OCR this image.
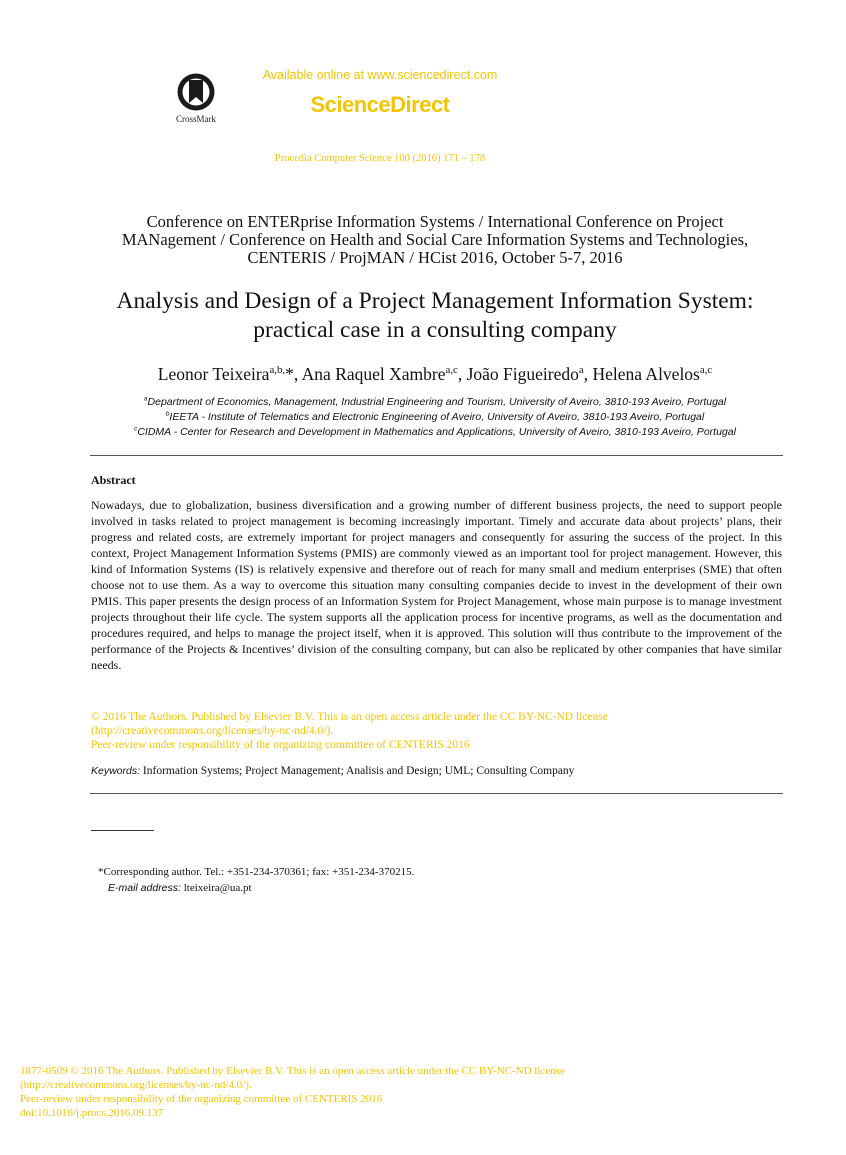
CrossMark
Available online at www.sciencedirect.com
ScienceDirect
Procedia Computer Science 100 (2016) 171 – 178
Conference on ENTERprise Information Systems / International Conference on Project
MANagement / Conference on Health and Social Care Information Systems and Technologies,
CENTERIS / ProjMAN / HCist 2016, October 5-7, 2016
Analysis and Design of a Project Management Information System:
practical case in a consulting company
Leonor Teixeira$^{a,b,}$*, Ana Raquel Xambre$^{a,c}$, João Figueiredo$^a$, Helena Alvelos$^{a,c}$
$^a$Department of Economics, Management, Industrial Engineering and Tourism, University of Aveiro, 3810-193 Aveiro, Portugal
$^b$IEETA - Institute of Telematics and Electronic Engineering of Aveiro, University of Aveiro, 3810-193 Aveiro, Portugal
$^c$CIDMA - Center for Research and Development in Mathematics and Applications, University of Aveiro, 3810-193 Aveiro, Portugal
Abstract
Nowadays, due to globalization, business diversification and a growing number of different business projects, the need to support people involved in tasks related to project management is becoming increasingly important. Timely and accurate data about projects’ plans, their progress and related costs, are extremely important for project managers and consequently for assuring the success of the project. In this context, Project Management Information Systems (PMIS) are commonly viewed as an important tool for project management. However, this kind of Information Systems (IS) is relatively expensive and therefore out of reach for many small and medium enterprises (SME) that often choose not to use them. As a way to overcome this situation many consulting companies decide to invest in the development of their own PMIS. This paper presents the design process of an Information System for Project Management, whose main purpose is to manage investment projects throughout their life cycle. The system supports all the application process for incentive programs, as well as the documentation and procedures required, and helps to manage the project itself, when it is approved. This solution will thus contribute to the improvement of the performance of the Projects & Incentives’ division of the consulting company, but can also be replicated by other companies that have similar needs.
© 2016 The Authors. Published by Elsevier B.V. This is an open access article under the CC BY-NC-ND license
(http://creativecommons.org/licenses/by-nc-nd/4.0/).
Peer-review under responsibility of the organizing committee of CENTERIS 2016
Keywords: Information Systems; Project Management; Analisis and Design; UML; Consulting Company
*Corresponding author. Tel.: +351-234-370361; fax: +351-234-370215.
E-mail address: lteixeira@ua.pt
1877-0509 © 2016 The Authors. Published by Elsevier B.V. This is an open access article under the CC BY-NC-ND license
(http://creativecommons.org/licenses/by-nc-nd/4.0/).
Peer-review under responsibility of the organizing committee of CENTERIS 2016
doi:10.1016/j.procs.2016.09.137
